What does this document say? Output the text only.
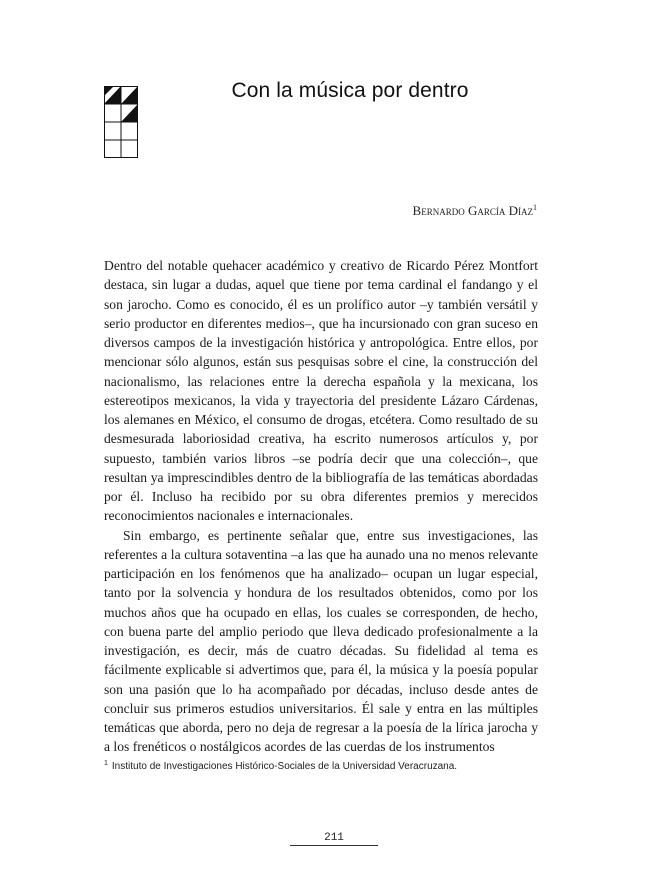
Con la música por dentro
Bernardo García Díaz$^1$

Dentro del notable quehacer académico y creativo de Ricardo Pérez Montfort destaca, sin lugar a dudas, aquel que tiene por tema cardinal el fandango y el son jarocho. Como es conocido, él es un prolífico autor –y también versátil y serio productor en diferentes medios–, que ha incursionado con gran suceso en diversos campos de la investigación histórica y antropológica. Entre ellos, por mencionar sólo algunos, están sus pesquisas sobre el cine, la construcción del nacionalismo, las relaciones entre la derecha española y la mexicana, los estereotipos mexicanos, la vida y trayectoria del presidente Lázaro Cárdenas, los alemanes en México, el consumo de drogas, etcétera. Como resultado de su desmesurada laboriosidad creativa, ha escrito numerosos artículos y, por supuesto, también varios libros –se podría decir que una colección–, que resultan ya imprescindibles dentro de la bibliografía de las temáticas abordadas por él. Incluso ha recibido por su obra diferentes premios y merecidos reconocimientos nacionales e internacionales.

Sin embargo, es pertinente señalar que, entre sus investigaciones, las referentes a la cultura sotaventina –a las que ha aunado una no menos relevante participación en los fenómenos que ha analizado– ocupan un lugar especial, tanto por la solvencia y hondura de los resultados obtenidos, como por los muchos años que ha ocupado en ellas, los cuales se corresponden, de hecho, con buena parte del amplio periodo que lleva dedicado profesionalmente a la investigación, es decir, más de cuatro décadas. Su fidelidad al tema es fácilmente explicable si advertimos que, para él, la música y la poesía popular son una pasión que lo ha acompañado por décadas, incluso desde antes de concluir sus primeros estudios universitarios. Él sale y entra en las múltiples temáticas que aborda, pero no deja de regresar a la poesía de la lírica jarocha y a los frenéticos o nostálgicos acordes de las cuerdas de los instrumentos

$^1$ Instituto de Investigaciones Histórico-Sociales de la Universidad Veracruzana.
211
